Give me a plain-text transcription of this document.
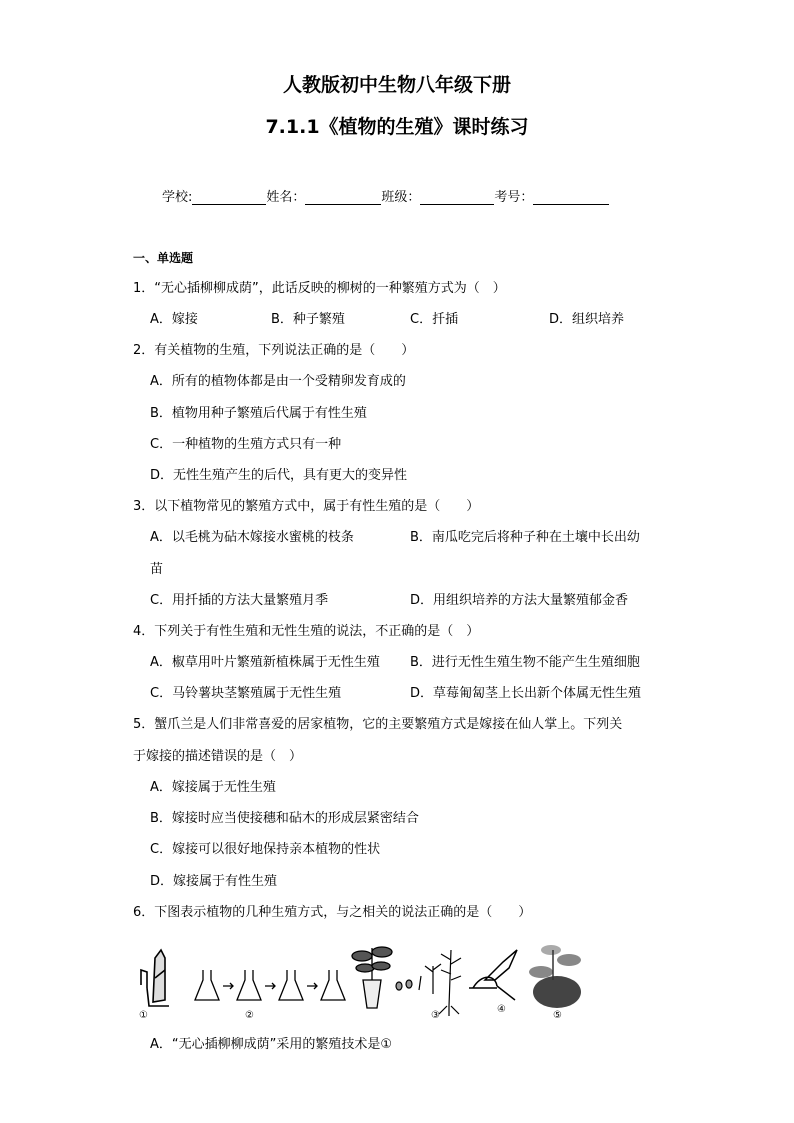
人教版初中生物八年级下册
7.1.1《植物的生殖》课时练习
学校:	姓名：	班级：	考号：
一、单选题
1．“无心插柳柳成荫”，此话反映的柳树的一种繁殖方式为（　）
A．嫁接	B．种子繁殖	C．扦插	D．组织培养
2．有关植物的生殖，下列说法正确的是（　　）
A．所有的植物体都是由一个受精卵发育成的
B．植物用种子繁殖后代属于有性生殖
C．一种植物的生殖方式只有一种
D．无性生殖产生的后代，具有更大的变异性
3．以下植物常见的繁殖方式中，属于有性生殖的是（　　）
A．以毛桃为砧木嫁接水蜜桃的枝条	B．南瓜吃完后将种子种在土壤中长出幼
苗
C．用扦插的方法大量繁殖月季	D．用组织培养的方法大量繁殖郁金香
4．下列关于有性生殖和无性生殖的说法，不正确的是（　）
A．椒草用叶片繁殖新植株属于无性生殖 B．进行无性生殖生物不能产生生殖细胞
C．马铃薯块茎繁殖属于无性生殖	D．草莓匍匐茎上长出新个体属无性生殖
5．蟹爪兰是人们非常喜爱的居家植物，它的主要繁殖方式是嫁接在仙人掌上。下列关
于嫁接的描述错误的是（　）
A．嫁接属于无性生殖
B．嫁接时应当使接穗和砧木的形成层紧密结合
C．嫁接可以很好地保持亲本植物的性状
D．嫁接属于有性生殖
6．下图表示植物的几种生殖方式，与之相关的说法正确的是（　　）
①	②	③
④
⑤
A．“无心插柳柳成荫”采用的繁殖技术是①
